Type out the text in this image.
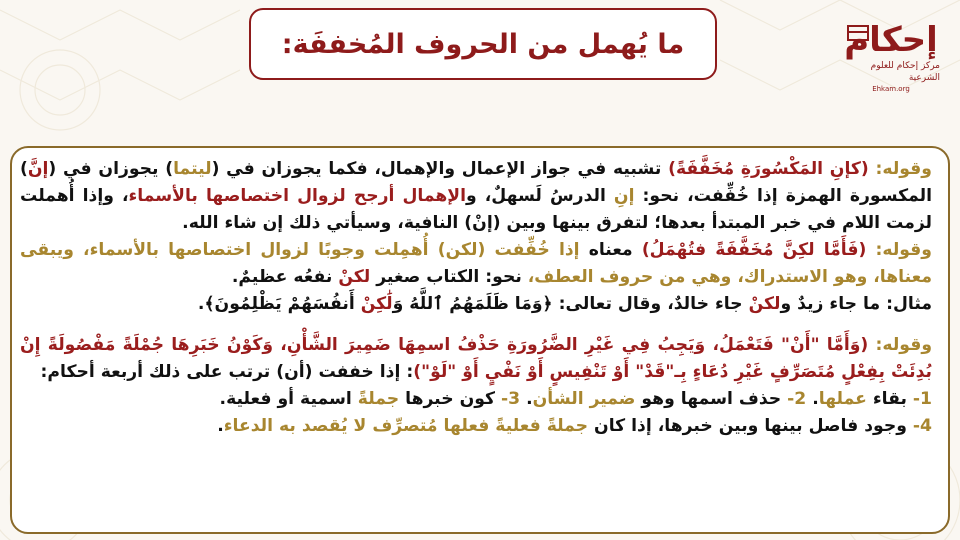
ما يُهمل من الحروف المُخففَة:	إحكام
مركز إحكام للعلوم الشرعية
Ehkam.org

وقوله: (كإنِ المَكْسُورَةِ مُخَفَّفَةً) تشبيه في جواز الإعمال والإهمال، فكما يجوزان في (ليتما) يجوزان في (إنَّ) المكسورة الهمزة إذا خُفِّفت، نحو: إنِ الدرسُ لَسهلٌ، والإهمال أرجح لزوال اختصاصها بالأسماء، وإذا أُهملت لزمت اللام في خبر المبتدأ بعدها؛ لتفرق بينها وبين (إنْ) النافية، وسيأتي ذلك إن شاء الله.

وقوله: (فَأَمَّا لكِنَّ مُخَفَّفَةً فتُهْمَلُ) معناه إذا خُفِّفت (لكن) أُهمِلت وجوبًا لزوال اختصاصها بالأسماء، ويبقى معناها، وهو الاستدراك، وهي من حروف العطف، نحو: الكتاب صغير لكنْ نفعُه عظيمٌ.

مثال: ما جاء زيدٌ ولكنْ جاء خالدٌ، وقال تعالى: ﴿وَمَا ظَلَمَهُمُ ٱللَّهُ وَلَٰكِنْ أَنفُسَهُمْ يَظْلِمُونَ﴾.

وقوله: (وَأَمَّا "أَنْ" فَتَعْمَلُ، وَيَجِبُ فِي غَيْرِ الضَّرُورَةِ حَذْفُ اسمِهَا ضَمِيرَ الشَّأْنِ، وَكَوْنُ خَبَرِهَا جُمْلَةً مَفْصُولَةً إِنْ بُدِئَتْ بِفِعْلٍ مُتَصَرِّفٍ غَيْرِ دُعَاءٍ بِـ"قَدْ" أَوْ تَنْفِيسٍ أَوْ نَفْيٍ أَوْ "لَوْ"): إذا خففت (أن) ترتب على ذلك أربعة أحكام:

1- بقاء عملها. 2- حذف اسمها وهو ضمير الشأن. 3- كون خبرها جملةً اسمية أو فعلية.

4- وجود فاصل بينها وبين خبرها، إذا كان جملةً فعليةً فعلها مُتصرِّف لا يُقصد به الدعاء.
